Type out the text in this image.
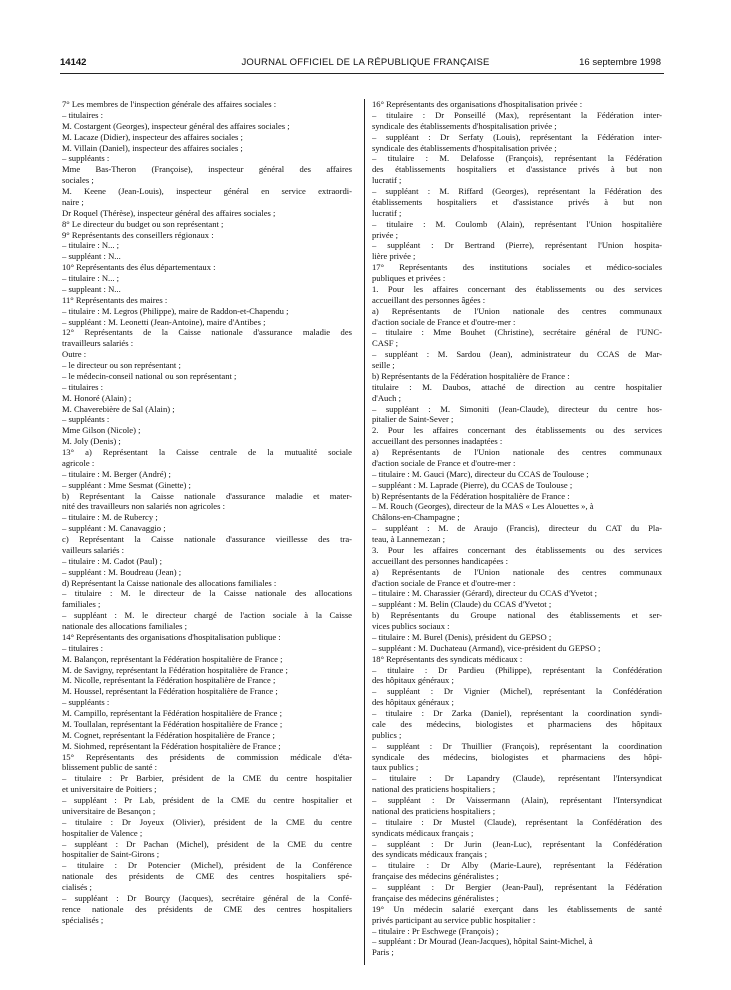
JOURNAL OFFICIEL DE LA RÉPUBLIQUE FRANÇAISE
14142	16 septembre 1998
7° Les membres de l'inspection générale des affaires sociales :
– titulaires :
M. Costargent (Georges), inspecteur général des affaires sociales ;
M. Lacaze (Didier), inspecteur des affaires sociales ;
M. Villain (Daniel), inspecteur des affaires sociales ;
– suppléants :
Mme Bas-Theron (Françoise), inspecteur général des affaires
sociales ;
M. Keene (Jean-Louis), inspecteur général en service extraordi-
naire ;
Dr Roquel (Thérèse), inspecteur général des affaires sociales ;
8° Le directeur du budget ou son représentant ;
9° Représentants des conseillers régionaux :
– titulaire : N... ;
– suppléant : N...
10° Représentants des élus départementaux :
– titulaire : N... ;
– suppleant : N...
11° Représentants des maires :
– titulaire : M. Legros (Philippe), maire de Raddon-et-Chapendu ;
– suppléant : M. Leonetti (Jean-Antoine), maire d'Antibes ;
12° Représentants de la Caisse nationale d'assurance maladie des
travailleurs salariés :
Outre :
– le directeur ou son représentant ;
– le médecin-conseil national ou son représentant ;
– titulaires :
M. Honoré (Alain) ;
M. Chaverebière de Sal (Alain) ;
– suppléants :
Mme Gilson (Nicole) ;
M. Joly (Denis) ;
13° a) Représentant la Caisse centrale de la mutualité sociale
agricole :
– titulaire : M. Berger (André) ;
– suppléant : Mme Sesmat (Ginette) ;
b) Représentant la Caisse nationale d'assurance maladie et mater-
nité des travailleurs non salariés non agricoles :
– titulaire : M. de Rubercy ;
– suppléant : M. Canavaggio ;
c) Représentant la Caisse nationale d'assurance vieillesse des tra-
vailleurs salariés :
– titulaire : M. Cadot (Paul) ;
– suppléant : M. Boudreau (Jean) ;
d) Représentant la Caisse nationale des allocations familiales :
– titulaire : M. le directeur de la Caisse nationale des allocations
familiales ;
– suppléant : M. le directeur chargé de l'action sociale à la Caisse
nationale des allocations familiales ;
14° Représentants des organisations d'hospitalisation publique :
– titulaires :
M. Balançon, représentant la Fédération hospitalière de France ;
M. de Savigny, représentant la Fédération hospitalière de France ;
M. Nicolle, représentant la Fédération hospitalière de France ;
M. Houssel, représentant la Fédération hospitalière de France ;
– suppléants :
M. Campillo, représentant la Fédération hospitalière de France ;
M. Toullalan, représentant la Fédération hospitalière de France ;
M. Cognet, représentant la Fédération hospitalière de France ;
M. Siohmed, représentant la Fédération hospitalière de France ;
15° Représentants des présidents de commission médicale d'éta-
blissement public de santé :
– titulaire : Pr Barbier, président de la CME du centre hospitalier
et universitaire de Poitiers ;
– suppléant : Pr Lab, président de la CME du centre hospitalier et
universitaire de Besançon ;
– titulaire : Dr Joyeux (Olivier), président de la CME du centre
hospitalier de Valence ;
– suppléant : Dr Pachan (Michel), président de la CME du centre
hospitalier de Saint-Girons ;
– titulaire : Dr Potencier (Michel), président de la Conférence
nationale des présidents de CME des centres hospitaliers spé-
cialisés ;
– suppléant : Dr Bourçy (Jacques), secrétaire général de la Confé-
rence nationale des présidents de CME des centres hospitaliers
spécialisés ;
16° Représentants des organisations d'hospitalisation privée :
– titulaire : Dr Ponseillé (Max), représentant la Fédération inter-
syndicale des établissements d'hospitalisation privée ;
– suppléant : Dr Serfaty (Louis), représentant la Fédération inter-
syndicale des établissements d'hospitalisation privée ;
– titulaire : M. Delafosse (François), représentant la Fédération
des établissements hospitaliers et d'assistance privés à but non
lucratif ;
– suppléant : M. Riffard (Georges), représentant la Fédération des
établissements hospitaliers et d'assistance privés à but non
lucratif ;
– titulaire : M. Coulomb (Alain), représentant l'Union hospitalière
privée ;
– suppléant : Dr Bertrand (Pierre), représentant l'Union hospita-
lière privée ;
17° Représentants des institutions sociales et médico-sociales
publiques et privées :
1. Pour les affaires concernant des établissements ou des services
accueillant des personnes âgées :
a) Représentants de l'Union nationale des centres communaux
d'action sociale de France et d'outre-mer :
– titulaire : Mme Bouhet (Christine), secrétaire général de l'UNC-
CASF ;
– suppléant : M. Sardou (Jean), administrateur du CCAS de Mar-
seille ;
b) Représentants de la Fédération hospitalière de France :
titulaire : M. Daubos, attaché de direction au centre hospitalier
d'Auch ;
– suppléant : M. Simoniti (Jean-Claude), directeur du centre hos-
pitalier de Saint-Sever ;
2. Pour les affaires concernant des établissements ou des services
accueillant des personnes inadaptées :
a) Représentants de l'Union nationale des centres communaux
d'action sociale de France et d'outre-mer :
– titulaire : M. Gauci (Marc), directeur du CCAS de Toulouse ;
– suppléant : M. Laprade (Pierre), du CCAS de Toulouse ;
b) Représentants de la Fédération hospitalière de France :
– M. Rouch (Georges), directeur de la MAS « Les Alouettes », à
Châlons-en-Champagne ;
– suppléant : M. de Araujo (Francis), directeur du CAT du Pla-
teau, à Lannemezan ;
3. Pour les affaires concernant des établissements ou des services
accueillant des personnes handicapées :
a) Représentants de l'Union nationale des centres communaux
d'action sociale de France et d'outre-mer :
– titulaire : M. Charassier (Gérard), directeur du CCAS d'Yvetot ;
– suppléant : M. Belin (Claude) du CCAS d'Yvetot ;
b) Représentants du Groupe national des établissements et ser-
vices publics sociaux :
– titulaire : M. Burel (Denis), président du GEPSO ;
– suppléant : M. Duchateau (Armand), vice-président du GEPSO ;
18° Représentants des syndicats médicaux :
– titulaire : Dr Pardieu (Philippe), représentant la Confédération
des hôpitaux généraux ;
– suppléant : Dr Vignier (Michel), représentant la Confédération
des hôpitaux généraux ;
– titulaire : Dr Zarka (Daniel), représentant la coordination syndi-
cale des médecins, biologistes et pharmaciens des hôpitaux
publics ;
– suppléant : Dr Thuillier (François), représentant la coordination
syndicale des médecins, biologistes et pharmaciens des hôpi-
taux publics ;
– titulaire : Dr Lapandry (Claude), représentant l'Intersyndicat
national des praticiens hospitaliers ;
– suppléant : Dr Vaissermann (Alain), représentant l'Intersyndicat
national des praticiens hospitaliers ;
– titulaire : Dr Mustel (Claude), représentant la Confédération des
syndicats médicaux français ;
– suppléant : Dr Jurin (Jean-Luc), représentant la Confédération
des syndicats médicaux français ;
– titulaire : Dr Alby (Marie-Laure), représentant la Fédération
française des médecins généralistes ;
– suppléant : Dr Bergier (Jean-Paul), représentant la Fédération
française des médecins généralistes ;
19° Un médecin salarié exerçant dans les établissements de santé
privés participant au service public hospitalier :
– titulaire : Pr Eschwege (François) ;
– suppléant : Dr Mourad (Jean-Jacques), hôpital Saint-Michel, à
Paris ;
